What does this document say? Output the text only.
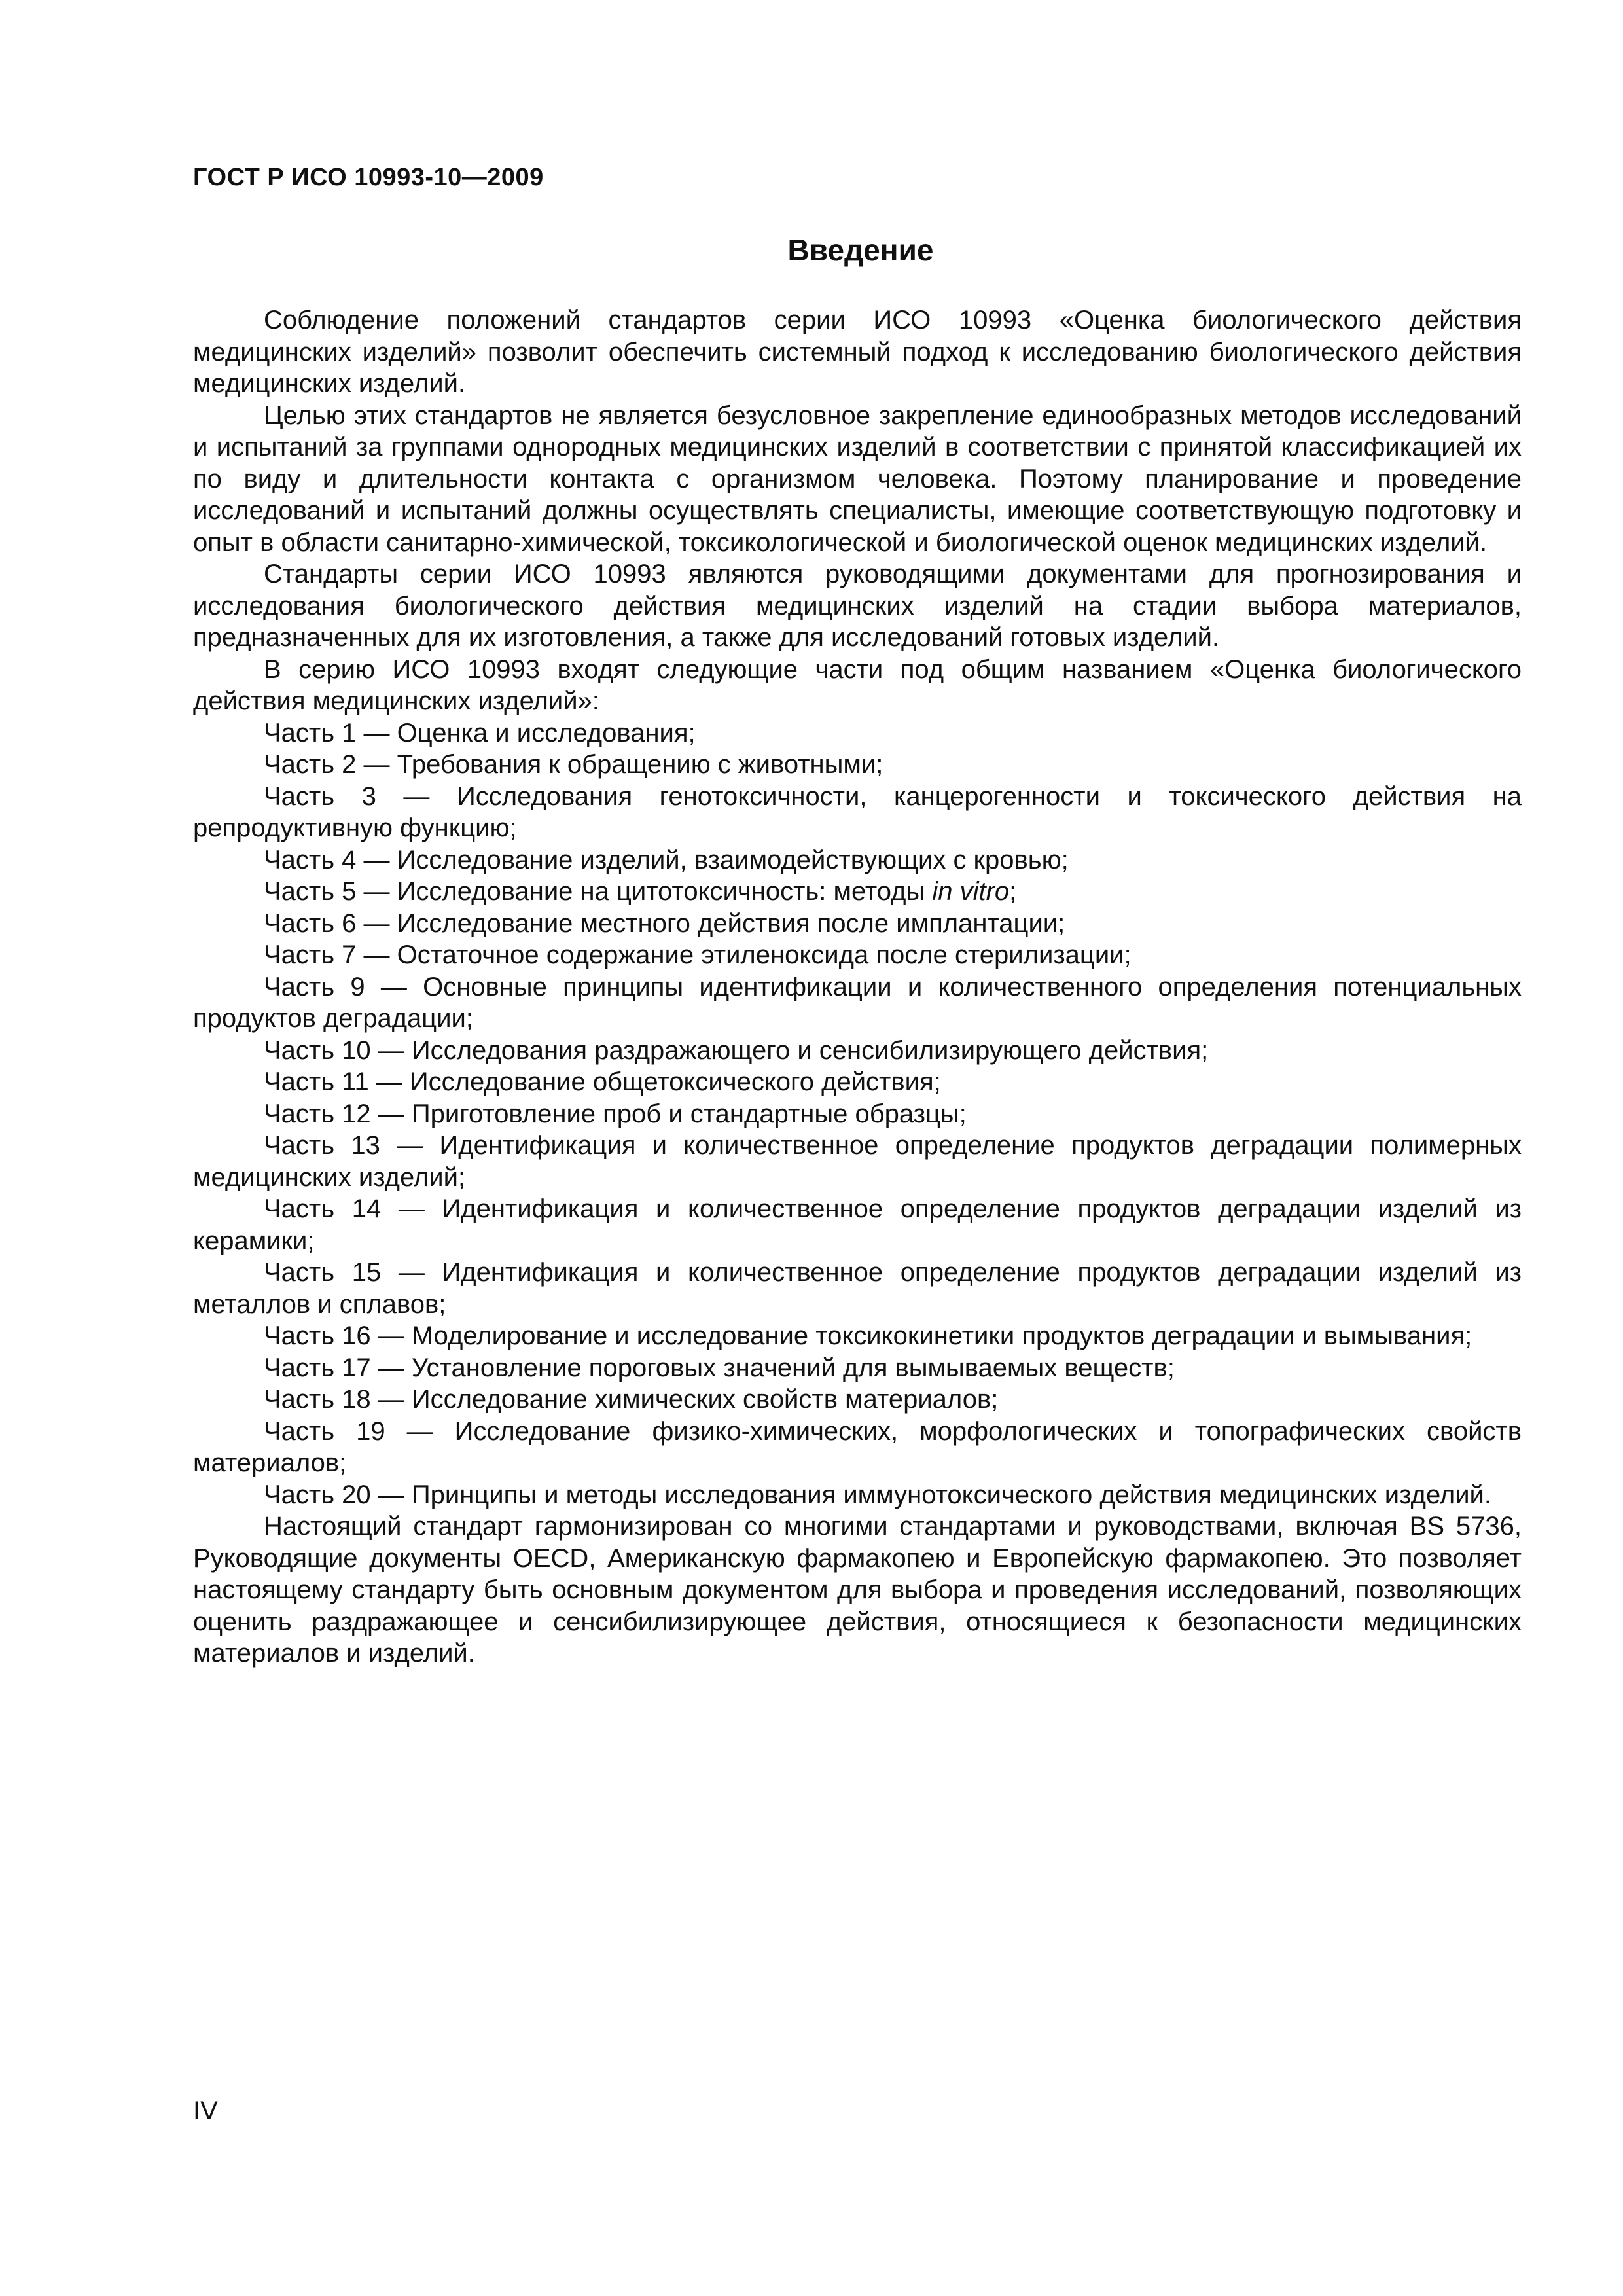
ГОСТ Р ИСО 10993-10—2009
Введение

Соблюдение положений стандартов серии ИСО 10993 «Оценка биологического действия медицинских изделий» позволит обеспечить системный подход к исследованию биологического действия медицинских изделий.

Целью этих стандартов не является безусловное закрепление единообразных методов исследований и испытаний за группами однородных медицинских изделий в соответствии с принятой классификацией их по виду и длительности контакта с организмом человека. Поэтому планирование и проведение исследований и испытаний должны осуществлять специалисты, имеющие соответствующую подготовку и опыт в области санитарно-химической, токсикологической и биологической оценок медицинских изделий.

Стандарты серии ИСО 10993 являются руководящими документами для прогнозирования и исследования биологического действия медицинских изделий на стадии выбора материалов, предназначенных для их изготовления, а также для исследований готовых изделий.

В серию ИСО 10993 входят следующие части под общим названием «Оценка биологического действия медицинских изделий»:

Часть 1 — Оценка и исследования;

Часть 2 — Требования к обращению с животными;

Часть 3 — Исследования генотоксичности, канцерогенности и токсического действия на репродуктивную функцию;

Часть 4 — Исследование изделий, взаимодействующих с кровью;

Часть 5 — Исследование на цитотоксичность: методы in vitro;

Часть 6 — Исследование местного действия после имплантации;

Часть 7 — Остаточное содержание этиленоксида после стерилизации;

Часть 9 — Основные принципы идентификации и количественного определения потенциальных продуктов деградации;

Часть 10 — Исследования раздражающего и сенсибилизирующего действия;

Часть 11 — Исследование общетоксического действия;

Часть 12 — Приготовление проб и стандартные образцы;

Часть 13 — Идентификация и количественное определение продуктов деградации полимерных медицинских изделий;

Часть 14 — Идентификация и количественное определение продуктов деградации изделий из керамики;

Часть 15 — Идентификация и количественное определение продуктов деградации изделий из металлов и сплавов;

Часть 16 — Моделирование и исследование токсикокинетики продуктов деградации и вымывания;

Часть 17 — Установление пороговых значений для вымываемых веществ;

Часть 18 — Исследование химических свойств материалов;

Часть 19 — Исследование физико-химических, морфологических и топографических свойств материалов;

Часть 20 — Принципы и методы исследования иммунотоксического действия медицинских изделий.

Настоящий стандарт гармонизирован со многими стандартами и руководствами, включая BS 5736, Руководящие документы OECD, Американскую фармакопею и Европейскую фармакопею. Это позволяет настоящему стандарту быть основным документом для выбора и проведения исследований, позволяющих оценить раздражающее и сенсибилизирующее действия, относящиеся к безопасности медицинских материалов и изделий.

IV
